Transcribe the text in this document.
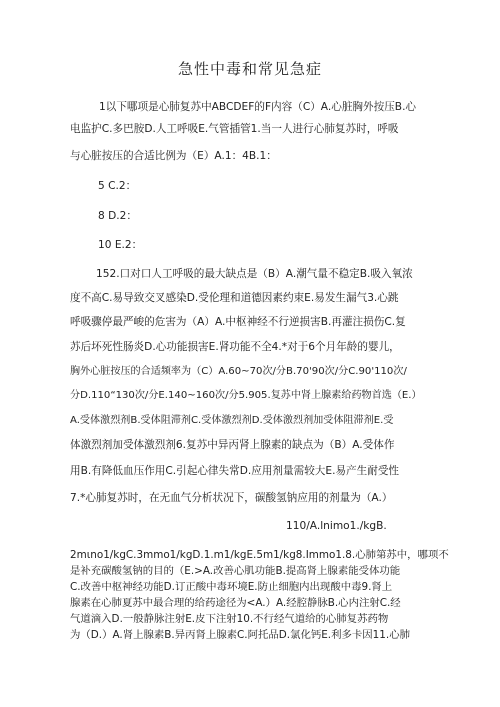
急性中毒和常见急症
1以下哪项是心肺复苏中ABCDEF的F内容（C）A.心脏胸外按压B.心
电监护C.多巴胺D.人工呼吸E.气管插管1.当一人进行心肺复苏时，呼吸
与心脏按压的合适比例为（E）A.1：4B.1：
5 C.2：
8 D.2：
10 E.2：
152.口对口人工呼吸的最大缺点是（B）A.潮气量不稳定B.吸入氧浓
度不高C.易导致交叉感染D.受伦理和道德因素约束E.易发生漏气3.心跳
呼吸骤停最严峻的危害为（A）A.中枢神经不行逆损害B.再灌注损伤C.复
苏后坏死性肠炎D.心功能损害E.肾功能不全4.*对于6个月年龄的婴儿，
胸外心脏按压的合适频率为（C）A.60~70次/分B.70'90次/分C.90'110次/
分D.110“130次/分E.140~160次/分5.905.复苏中肾上腺素给药物首选（E.）
A.受体激烈剂B.受体阻滞剂C.受体激烈剂D.受体激烈剂加受体阻滞剂E.受
体激烈剂加受体激烈剂6.复苏中异丙肾上腺素的缺点为（B）A.受体作
用B.有降低血压作用C.引起心律失常D.应用剂量需较大E.易产生耐受性
7.*心肺复苏时，在无血气分析状况下，碳酸氢钠应用的剂量为（A.）
110/A.lnimo1./kgB.
2mιno1/kgC.3mmo1/kgD.1.m1/kgE.5m1/kg8.Immo1.8.心肺第苏中，哪项不
是补充碳酸氢钠的目的（E.>A.改善心肌功能B.提高肾上腺素能受体功能
C.改善中枢神经功能D.订正酸中毒环境E.防止细胞内出现酸中毒9.肾上
腺素在心肺夏苏中最合理的给药途径为<A.）A.经腔静脉B.心内注射C.经
气道滴入D.一般静脉注射E.皮下注射10.不行经气道给的心肺复苏药物
为（D.）A.肾上腺素B.异丙肾上腺素C.阿托品D.氯化钙E.利多卡因11.心肺
